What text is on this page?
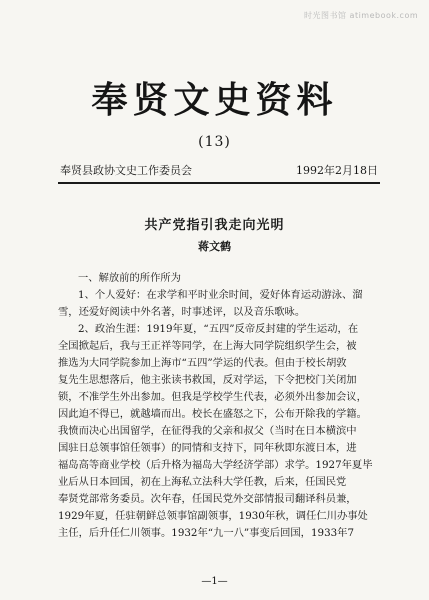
时光图书馆 atimebook.com
奉贤文史资料
(13)
奉贤县政协文史工作委员会	1992年2月18日
共产党指引我走向光明
蒋文鹤
一、解放前的所作所为
1、个人爱好：在求学和平时业余时间，爱好体育运动游泳、溜
雪，还爱好阅读中外名著，时事述评，以及音乐歌咏。
2、政治生涯：1919年夏，“五四”反帝反封建的学生运动，在
全国掀起后，我与王正祥等同学，在上海大同学院组织学生会，被
推选为大同学院参加上海市“五四”学运的代表。但由于校长胡敦
复先生思想落后，他主张读书救国，反对学运，下令把校门关闭加
锁，不准学生外出参加。但我是学校学生代表，必须外出参加会议，
因此迫不得已，就越墙而出。校长在盛怒之下，公布开除我的学籍。
我愤而决心出国留学，在征得我的父亲和叔父（当时在日本横滨中
国驻日总领事馆任领事）的同情和支持下，同年秋即东渡日本，进
福岛高等商业学校（后升格为福岛大学经济学部）求学。1927年夏毕
业后从日本回国，初在上海私立法科大学任教，后来，任国民党
奉贤党部常务委员。次年春，任国民党外交部情报司翻译科员兼，
1929年夏，任驻朝鲜总领事馆副领事，1930年秋，调任仁川办事处
主任，后升任仁川领事。1932年“九一八”事变后回国，1933年7
—1—
